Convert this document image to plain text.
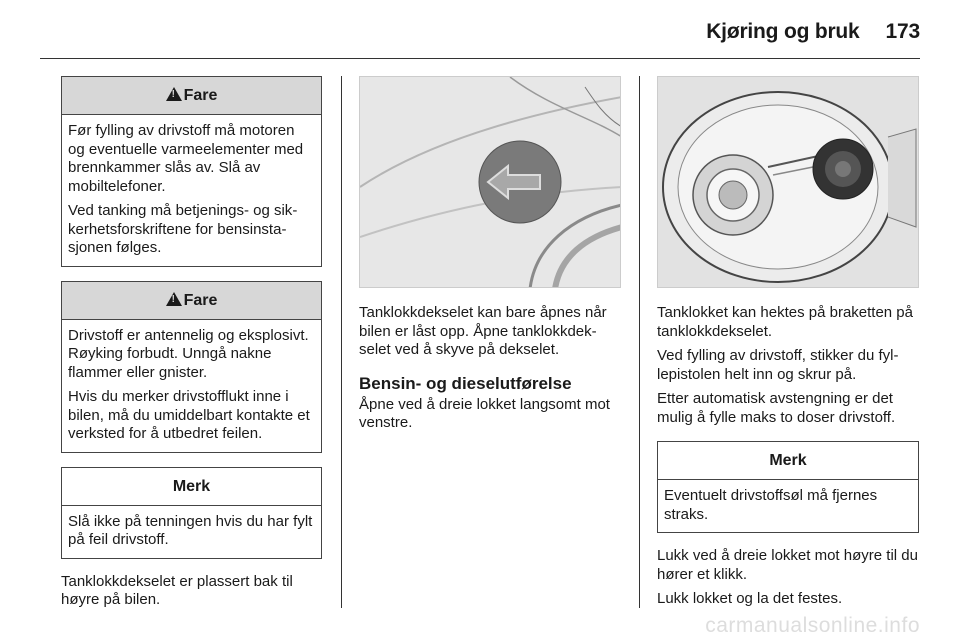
Kjøring og bruk 173
!Fare

Før fylling av drivstoff må motoren og eventuelle varmeelementer med brennkammer slås av. Slå av mobiltelefoner.

Ved tanking må betjenings- og sikkerhetsforskriftene for bensinstasjonen følges.

!Fare

Drivstoff er antennelig og eksplosivt. Røyking forbudt. Unngå nakne flammer eller gnister.

Hvis du merker drivstofflukt inne i bilen, må du umiddelbart kontakte et verksted for å utbedret feilen.

Merk

Slå ikke på tenningen hvis du har fylt på feil drivstoff.

Tanklokkdekselet er plassert bak til høyre på bilen.

Tanklokkdekselet kan bare åpnes når bilen er låst opp. Åpne tanklokkdekselet ved å skyve på dekselet.

Bensin- og dieselutførelse

Åpne ved å dreie lokket langsomt mot venstre.

Tanklokket kan hektes på braketten på tanklokkdekselet.

Ved fylling av drivstoff, stikker du fyllepistolen helt inn og skrur på.

Etter automatisk avstengning er det mulig å fylle maks to doser drivstoff.

Merk

Eventuelt drivstoffsøl må fjernes straks.

Lukk ved å dreie lokket mot høyre til du hører et klikk.

Lukk lokket og la det festes.

carmanualsonline.info
